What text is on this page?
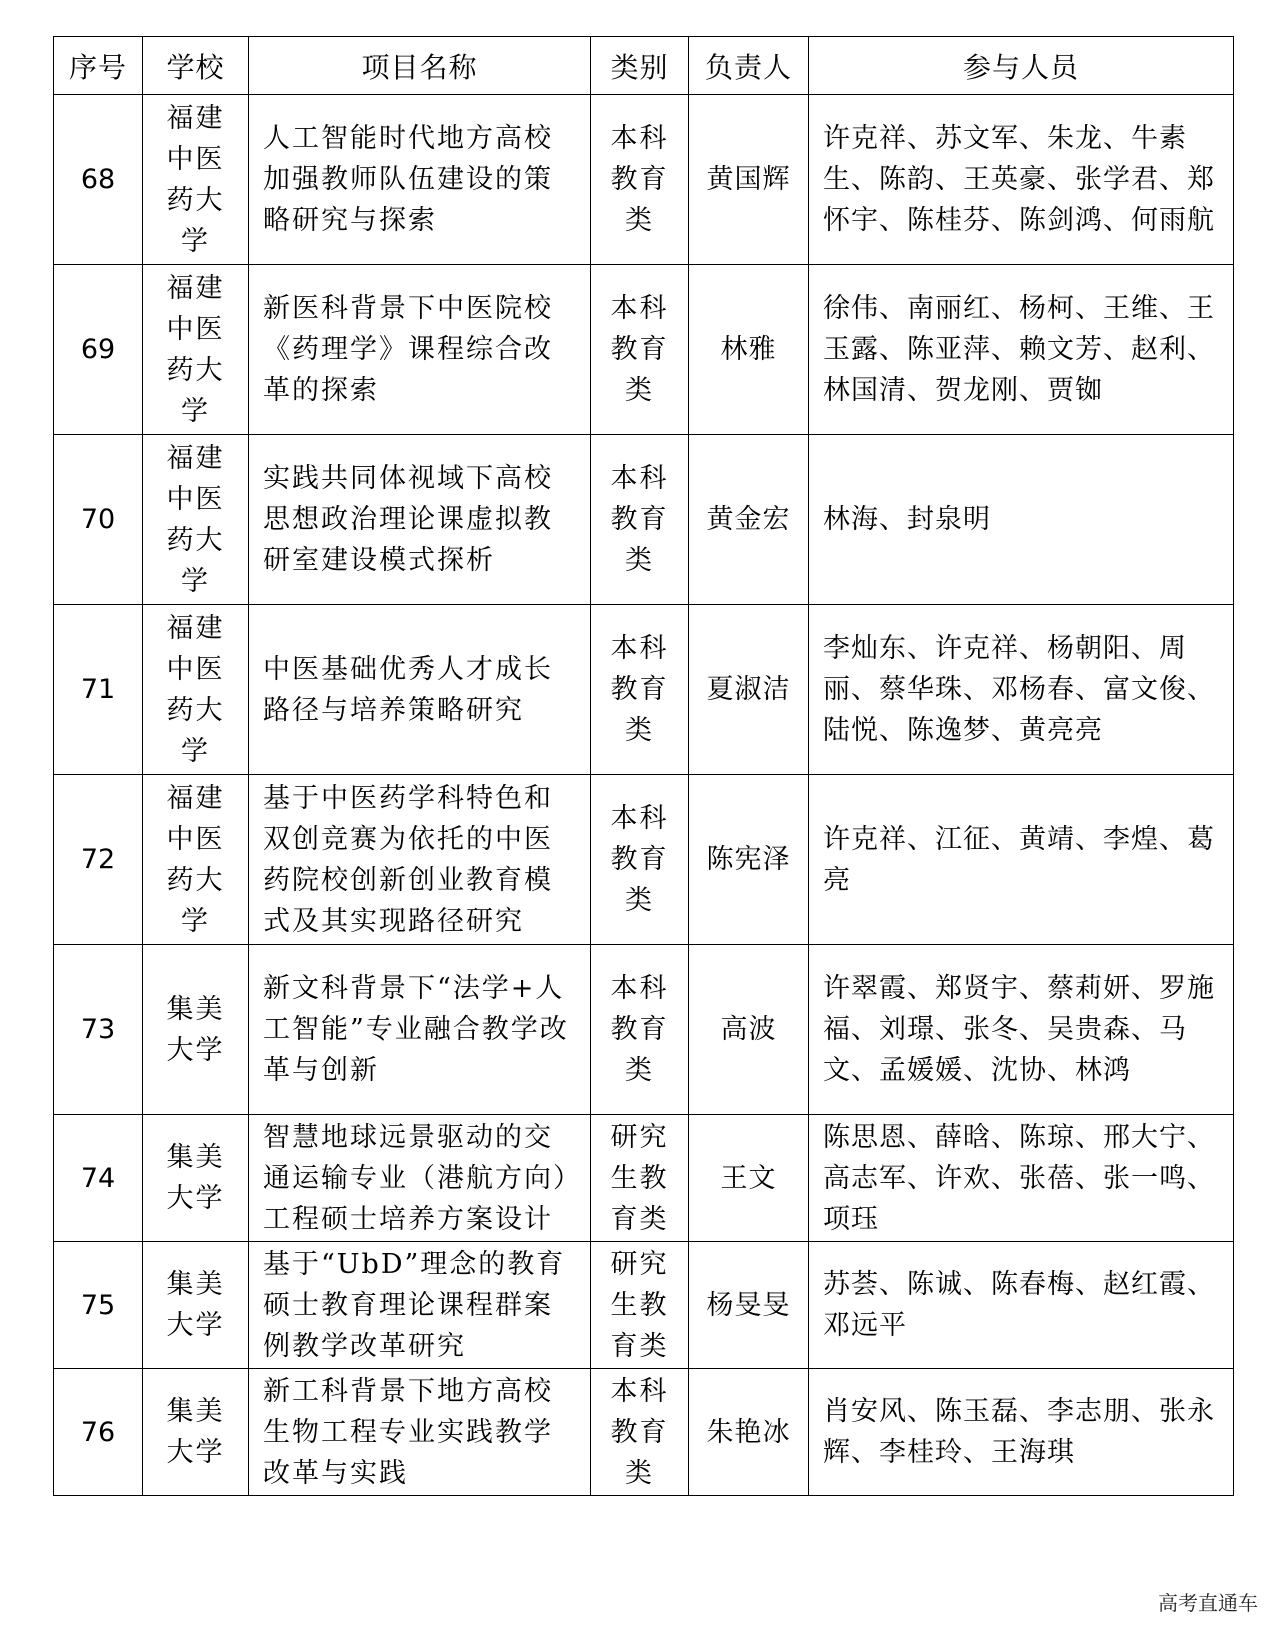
序号	学校	项目名称	类别	负责人	参与人员
68	福建中医药大学	人工智能时代地方高校加强教师队伍建设的策略研究与探索	本科教育类	黄国辉	许克祥、苏文军、朱龙、牛素生、陈韵、王英豪、张学君、郑怀宇、陈桂芬、陈剑鸿、何雨航
69	福建中医药大学	新医科背景下中医院校《药理学》课程综合改革的探索	本科教育类	林雅	徐伟、南丽红、杨柯、王维、王玉露、陈亚萍、赖文芳、赵利、林国清、贺龙刚、贾铷
70	福建中医药大学	实践共同体视域下高校思想政治理论课虚拟教研室建设模式探析	本科教育类	黄金宏	林海、封泉明
71	福建中医药大学	中医基础优秀人才成长路径与培养策略研究	本科教育类	夏淑洁	李灿东、许克祥、杨朝阳、周丽、蔡华珠、邓杨春、富文俊、陆悦、陈逸梦、黄亮亮
72	福建中医药大学	基于中医药学科特色和双创竞赛为依托的中医药院校创新创业教育模式及其实现路径研究	本科教育类	陈宪泽	许克祥、江征、黄靖、李煌、葛亮
73	集美大学	新文科背景下“法学+人工智能”专业融合教学改革与创新	本科教育类	高波	许翠霞、郑贤宇、蔡莉妍、罗施福、刘璟、张冬、吴贵森、马文、孟媛媛、沈协、林鸿
74	集美大学	智慧地球远景驱动的交通运输专业（港航方向）工程硕士培养方案设计	研究生教育类	王文	陈思恩、薛晗、陈琼、邢大宁、高志军、许欢、张蓓、张一鸣、项珏
75	集美大学	基于“UbD”理念的教育硕士教育理论课程群案例教学改革研究	研究生教育类	杨旻旻	苏荟、陈诚、陈春梅、赵红霞、邓远平
76	集美大学	新工科背景下地方高校生物工程专业实践教学改革与实践	本科教育类	朱艳冰	肖安风、陈玉磊、李志朋、张永辉、李桂玲、王海琪
高考直通车
